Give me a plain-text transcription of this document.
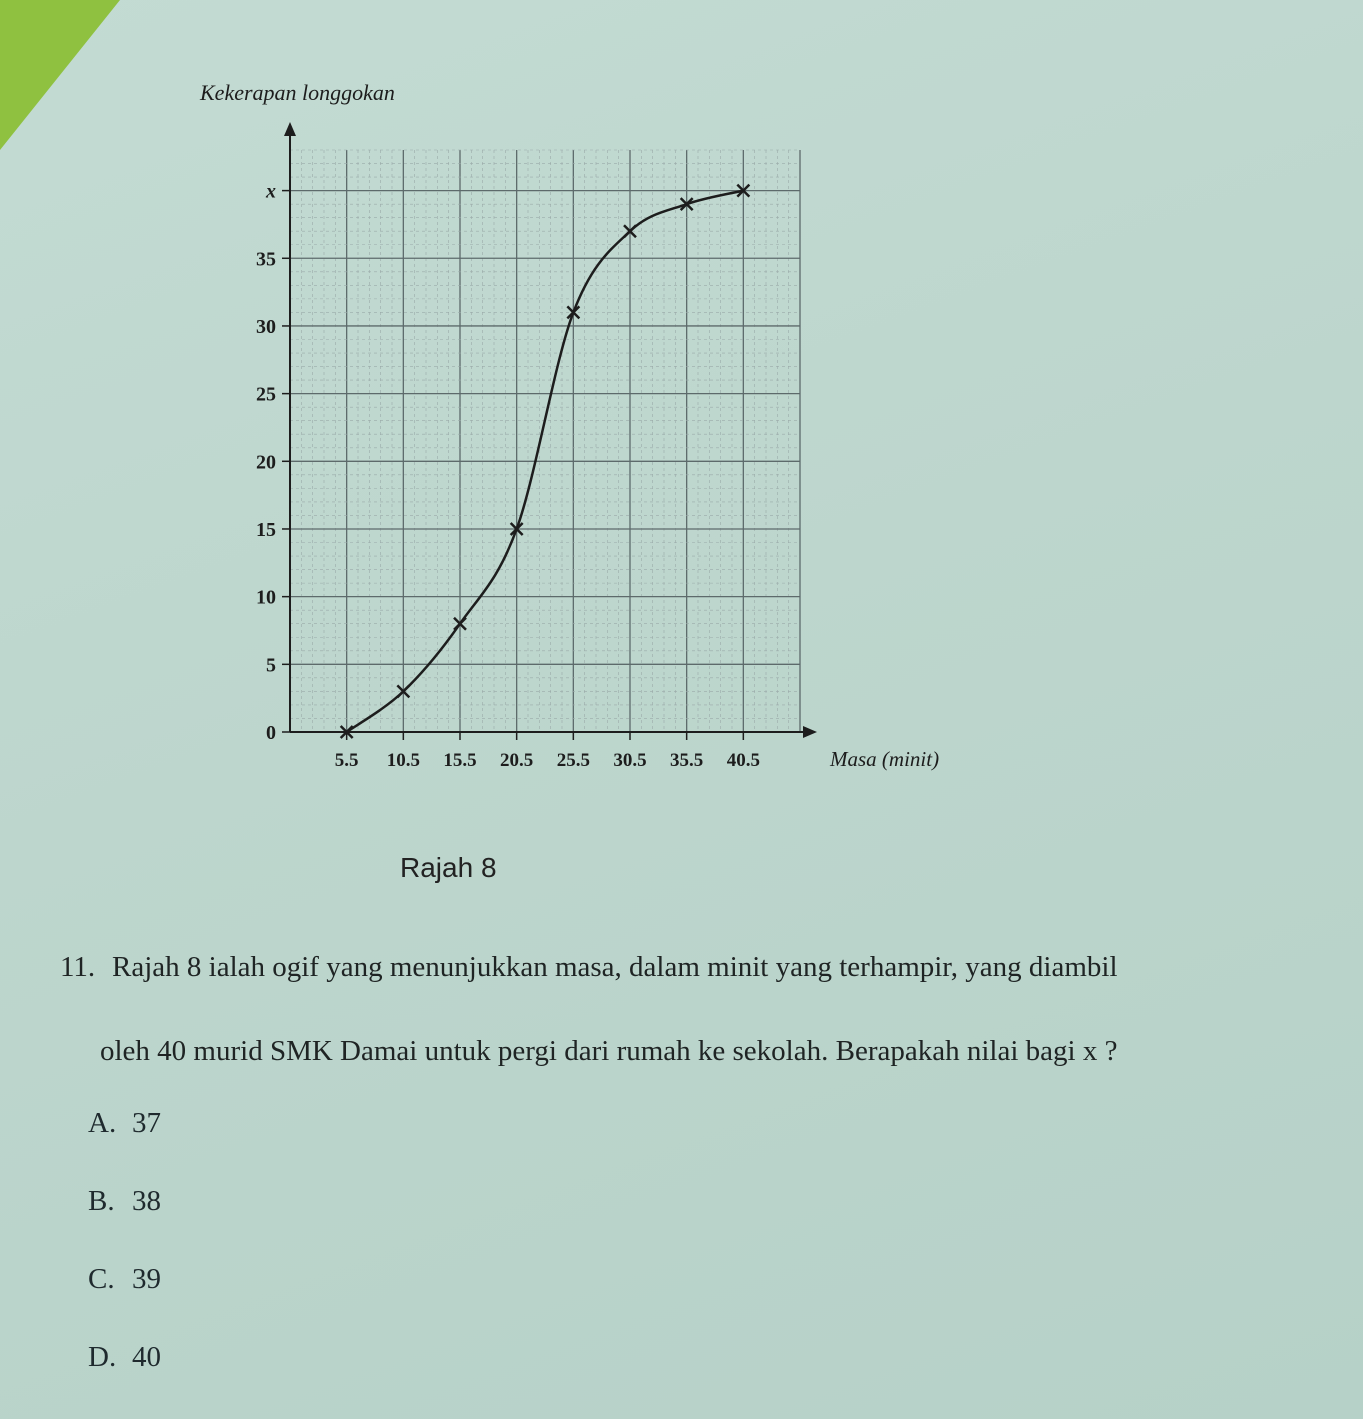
0
5
10
15
20
25
30
35
x
5.5 10.5 15.5 20.5 25.5 30.5 35.5 40.5
Kekerapan longgokan
Masa (minit)
Rajah 8
11. Rajah 8 ialah ogif yang menunjukkan masa, dalam minit yang terhampir, yang diambil
oleh 40 murid SMK Damai untuk pergi dari rumah ke sekolah. Berapakah nilai bagi x ?
A. 37
B. 38
C. 39
D. 40
